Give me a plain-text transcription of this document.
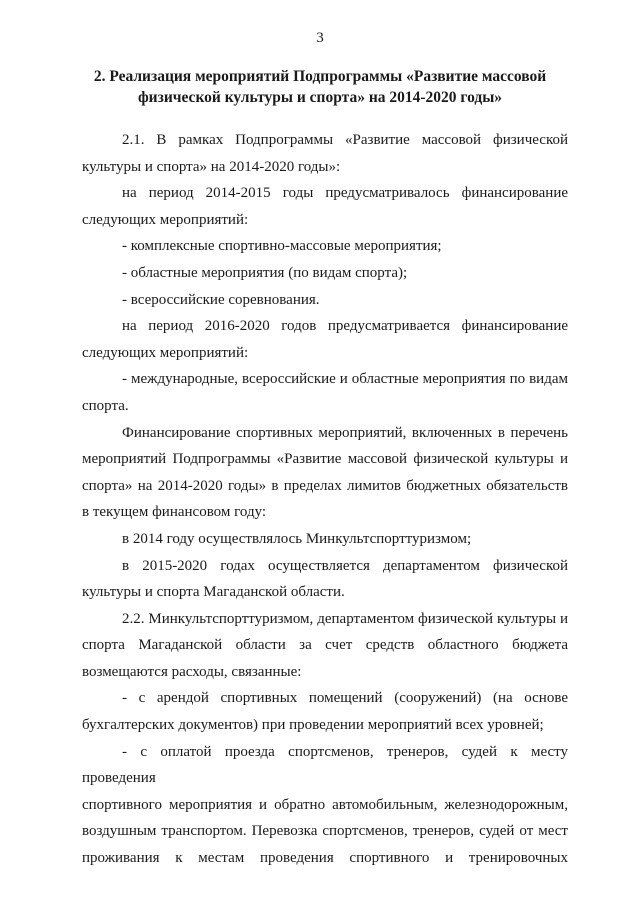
3
2. Реализация мероприятий Подпрограммы «Развитие массовой
физической культуры и спорта» на 2014-2020 годы»
2.1. В рамках Подпрограммы «Развитие массовой физической
культуры и спорта» на 2014-2020 годы»:
на период 2014-2015 годы предусматривалось финансирование
следующих мероприятий:
- комплексные спортивно-массовые мероприятия;
- областные мероприятия (по видам спорта);
- всероссийские соревнования.
на период 2016-2020 годов предусматривается финансирование
следующих мероприятий:
- международные, всероссийские и областные мероприятия по видам
спорта.
Финансирование спортивных мероприятий, включенных в перечень
мероприятий Подпрограммы «Развитие массовой физической культуры и
спорта» на 2014-2020 годы» в пределах лимитов бюджетных обязательств
в текущем финансовом году:
в 2014 году осуществлялось Минкультспорттуризмом;
в 2015-2020 годах осуществляется департаментом физической
культуры и спорта Магаданской области.
2.2. Минкультспорттуризмом, департаментом физической культуры и
спорта Магаданской области за счет средств областного бюджета
возмещаются расходы, связанные:
- с арендой спортивных помещений (сооружений) (на основе
бухгалтерских документов) при проведении мероприятий всех уровней;
- с оплатой проезда спортсменов, тренеров, судей к месту проведения
спортивного мероприятия и обратно автомобильным, железнодорожным,
воздушным транспортом. Перевозка спортсменов, тренеров, судей от мест
проживания к местам проведения спортивного и тренировочных
